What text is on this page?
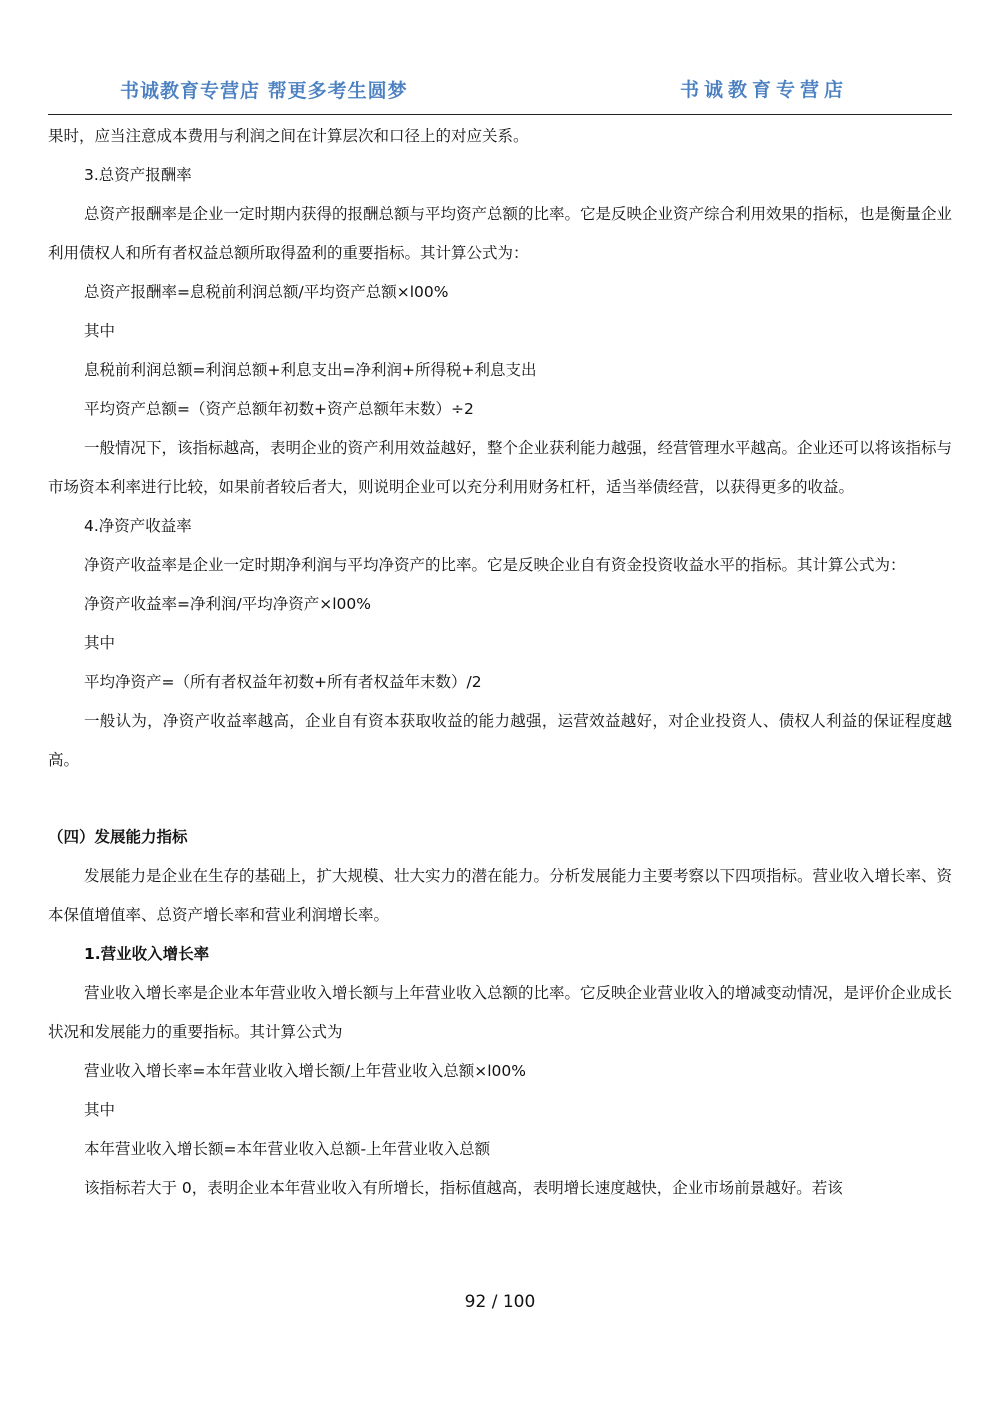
书诚教育专营店 帮更多考生圆梦	书诚教育专营店

果时，应当注意成本费用与利润之间在计算层次和口径上的对应关系。

3.总资产报酬率

总资产报酬率是企业一定时期内获得的报酬总额与平均资产总额的比率。它是反映企业资产综合利用效果的指标，也是衡量企业利用债权人和所有者权益总额所取得盈利的重要指标。其计算公式为：

总资产报酬率=息税前利润总额/平均资产总额×l00%

其中

息税前利润总额=利润总额+利息支出=净利润+所得税+利息支出

平均资产总额=（资产总额年初数+资产总额年末数）÷2

一般情况下，该指标越高，表明企业的资产利用效益越好，整个企业获利能力越强，经营管理水平越高。企业还可以将该指标与市场资本利率进行比较，如果前者较后者大，则说明企业可以充分利用财务杠杆，适当举债经营，以获得更多的收益。

4.净资产收益率

净资产收益率是企业一定时期净利润与平均净资产的比率。它是反映企业自有资金投资收益水平的指标。其计算公式为：

净资产收益率=净利润/平均净资产×l00%

其中

平均净资产=（所有者权益年初数+所有者权益年末数）/2

一般认为，净资产收益率越高，企业自有资本获取收益的能力越强，运营效益越好，对企业投资人、债权人利益的保证程度越高。

（四）发展能力指标

发展能力是企业在生存的基础上，扩大规模、壮大实力的潜在能力。分析发展能力主要考察以下四项指标。营业收入增长率、资本保值增值率、总资产增长率和营业利润增长率。

1.营业收入增长率

营业收入增长率是企业本年营业收入增长额与上年营业收入总额的比率。它反映企业营业收入的增减变动情况，是评价企业成长状况和发展能力的重要指标。其计算公式为

营业收入增长率=本年营业收入增长额/上年营业收入总额×l00%

其中

本年营业收入增长额=本年营业收入总额-上年营业收入总额

该指标若大于 0，表明企业本年营业收入有所增长，指标值越高，表明增长速度越快，企业市场前景越好。若该

92 / 100
